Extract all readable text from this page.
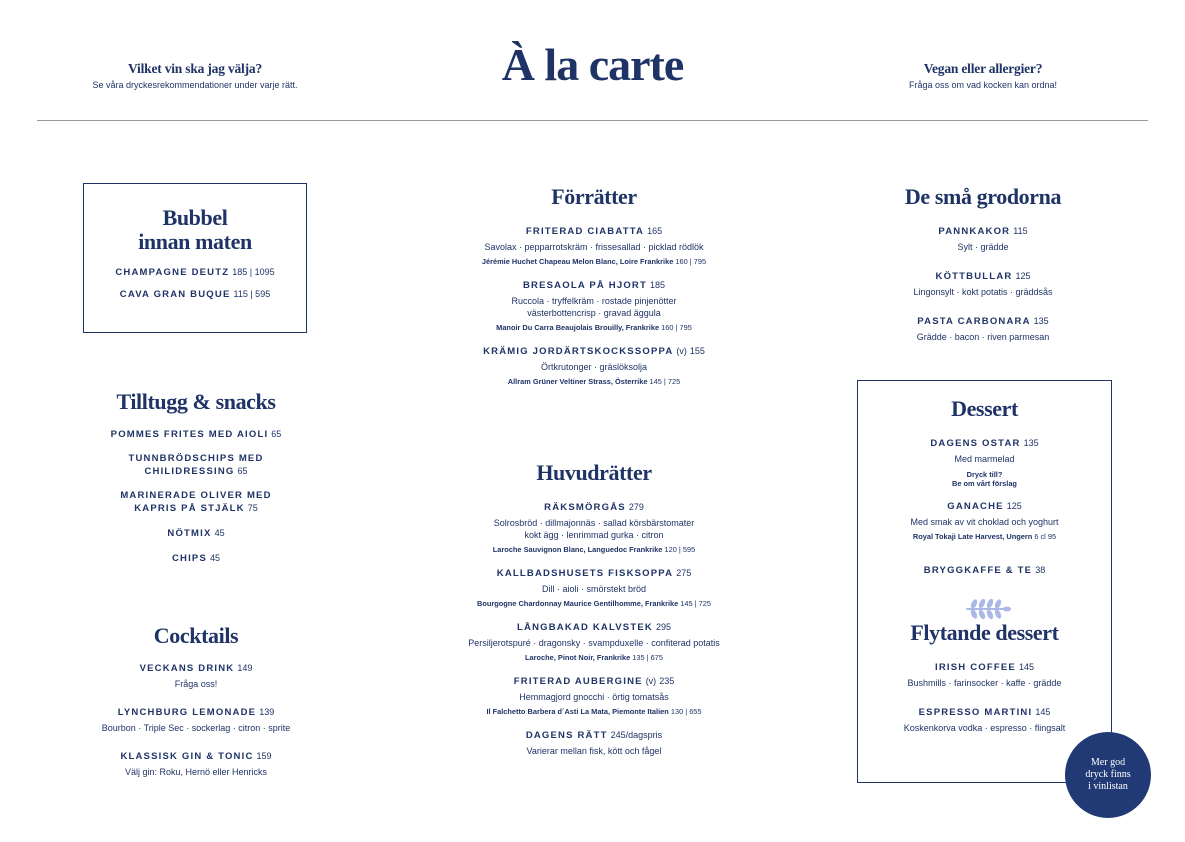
Vilket vin ska jag välja?
Se våra dryckesrekommendationer under varje rätt.	À la carte	Vegan eller allergier?
Fråga oss om vad kocken kan ordna!
Bubbel
innan maten
CHAMPAGNE DEUTZ 185 | 1095
CAVA GRAN BUQUE 115 | 595
Tilltugg & snacks
POMMES FRITES MED AIOLI 65
TUNNBRÖDSCHIPS MED
CHILIDRESSING 65
MARINERADE OLIVER MED
KAPRIS PÅ STJÄLK 75
NÖTMIX 45
CHIPS 45
Cocktails
VECKANS DRINK 149
Fråga oss!
LYNCHBURG LEMONADE 139
Bourbon · Triple Sec · sockerlag · citron · sprite
KLASSISK GIN & TONIC 159
Välj gin: Roku, Hernö eller Henricks
Förrätter
FRITERAD CIABATTA 165
Savolax · pepparrotskräm · frissesallad · picklad rödlök
Jérémie Huchet Chapeau Melon Blanc, Loire Frankrike 160 | 795
BRESAOLA PÅ HJORT 185
Ruccola · tryffelkräm · rostade pinjenötter
västerbottencrisp · gravad äggula
Manoir Du Carra Beaujolais Brouilly, Frankrike 160 | 795
KRÄMIG JORDÄRTSKOCKSSOPPA (v) 155
Örtkrutonger · gräslöksolja
Allram Grüner Veltiner Strass, Österrike 145 | 725
Huvudrätter
RÄKSMÖRGÅS 279
Solrosbröd · dillmajonnäs · sallad körsbärstomater
kokt ägg · lenrimmad gurka · citron
Laroche Sauvignon Blanc, Languedoc Frankrike 120 | 595
KALLBADSHUSETS FISKSOPPA 275
Dill · aioli · smörstekt bröd
Bourgogne Chardonnay Maurice Gentilhomme, Frankrike 145 | 725
LÅNGBAKAD KALVSTEK 295
Persiljerotspuré · dragonsky · svampduxelle · confiterad potatis
Laroche, Pinot Noir, Frankrike 135 | 675
FRITERAD AUBERGINE (v) 235
Hemmagjord gnocchi · örtig tomatsås
Il Falchetto Barbera d´Asti La Mata, Piemonte Italien 130 | 655
DAGENS RÄTT 245/dagspris
Varierar mellan fisk, kött och fågel
De små grodorna
PANNKAKOR 115
Sylt · grädde
KÖTTBULLAR 125
Lingonsylt · kokt potatis · gräddsås
PASTA CARBONARA 135
Grädde · bacon · riven parmesan
Dessert
DAGENS OSTAR 135
Med marmelad
Dryck till?
Be om vårt förslag
GANACHE 125
Med smak av vit choklad och yoghurt
Royal Tokaji Late Harvest, Ungern 6 cl 95
BRYGGKAFFE & TE 38
Flytande dessert
IRISH COFFEE 145
Bushmills · farinsocker · kaffe · grädde
ESPRESSO MARTINI 145
Koskenkorva vodka · espresso · flingsalt
Mer god
dryck finns
i vinlistan
